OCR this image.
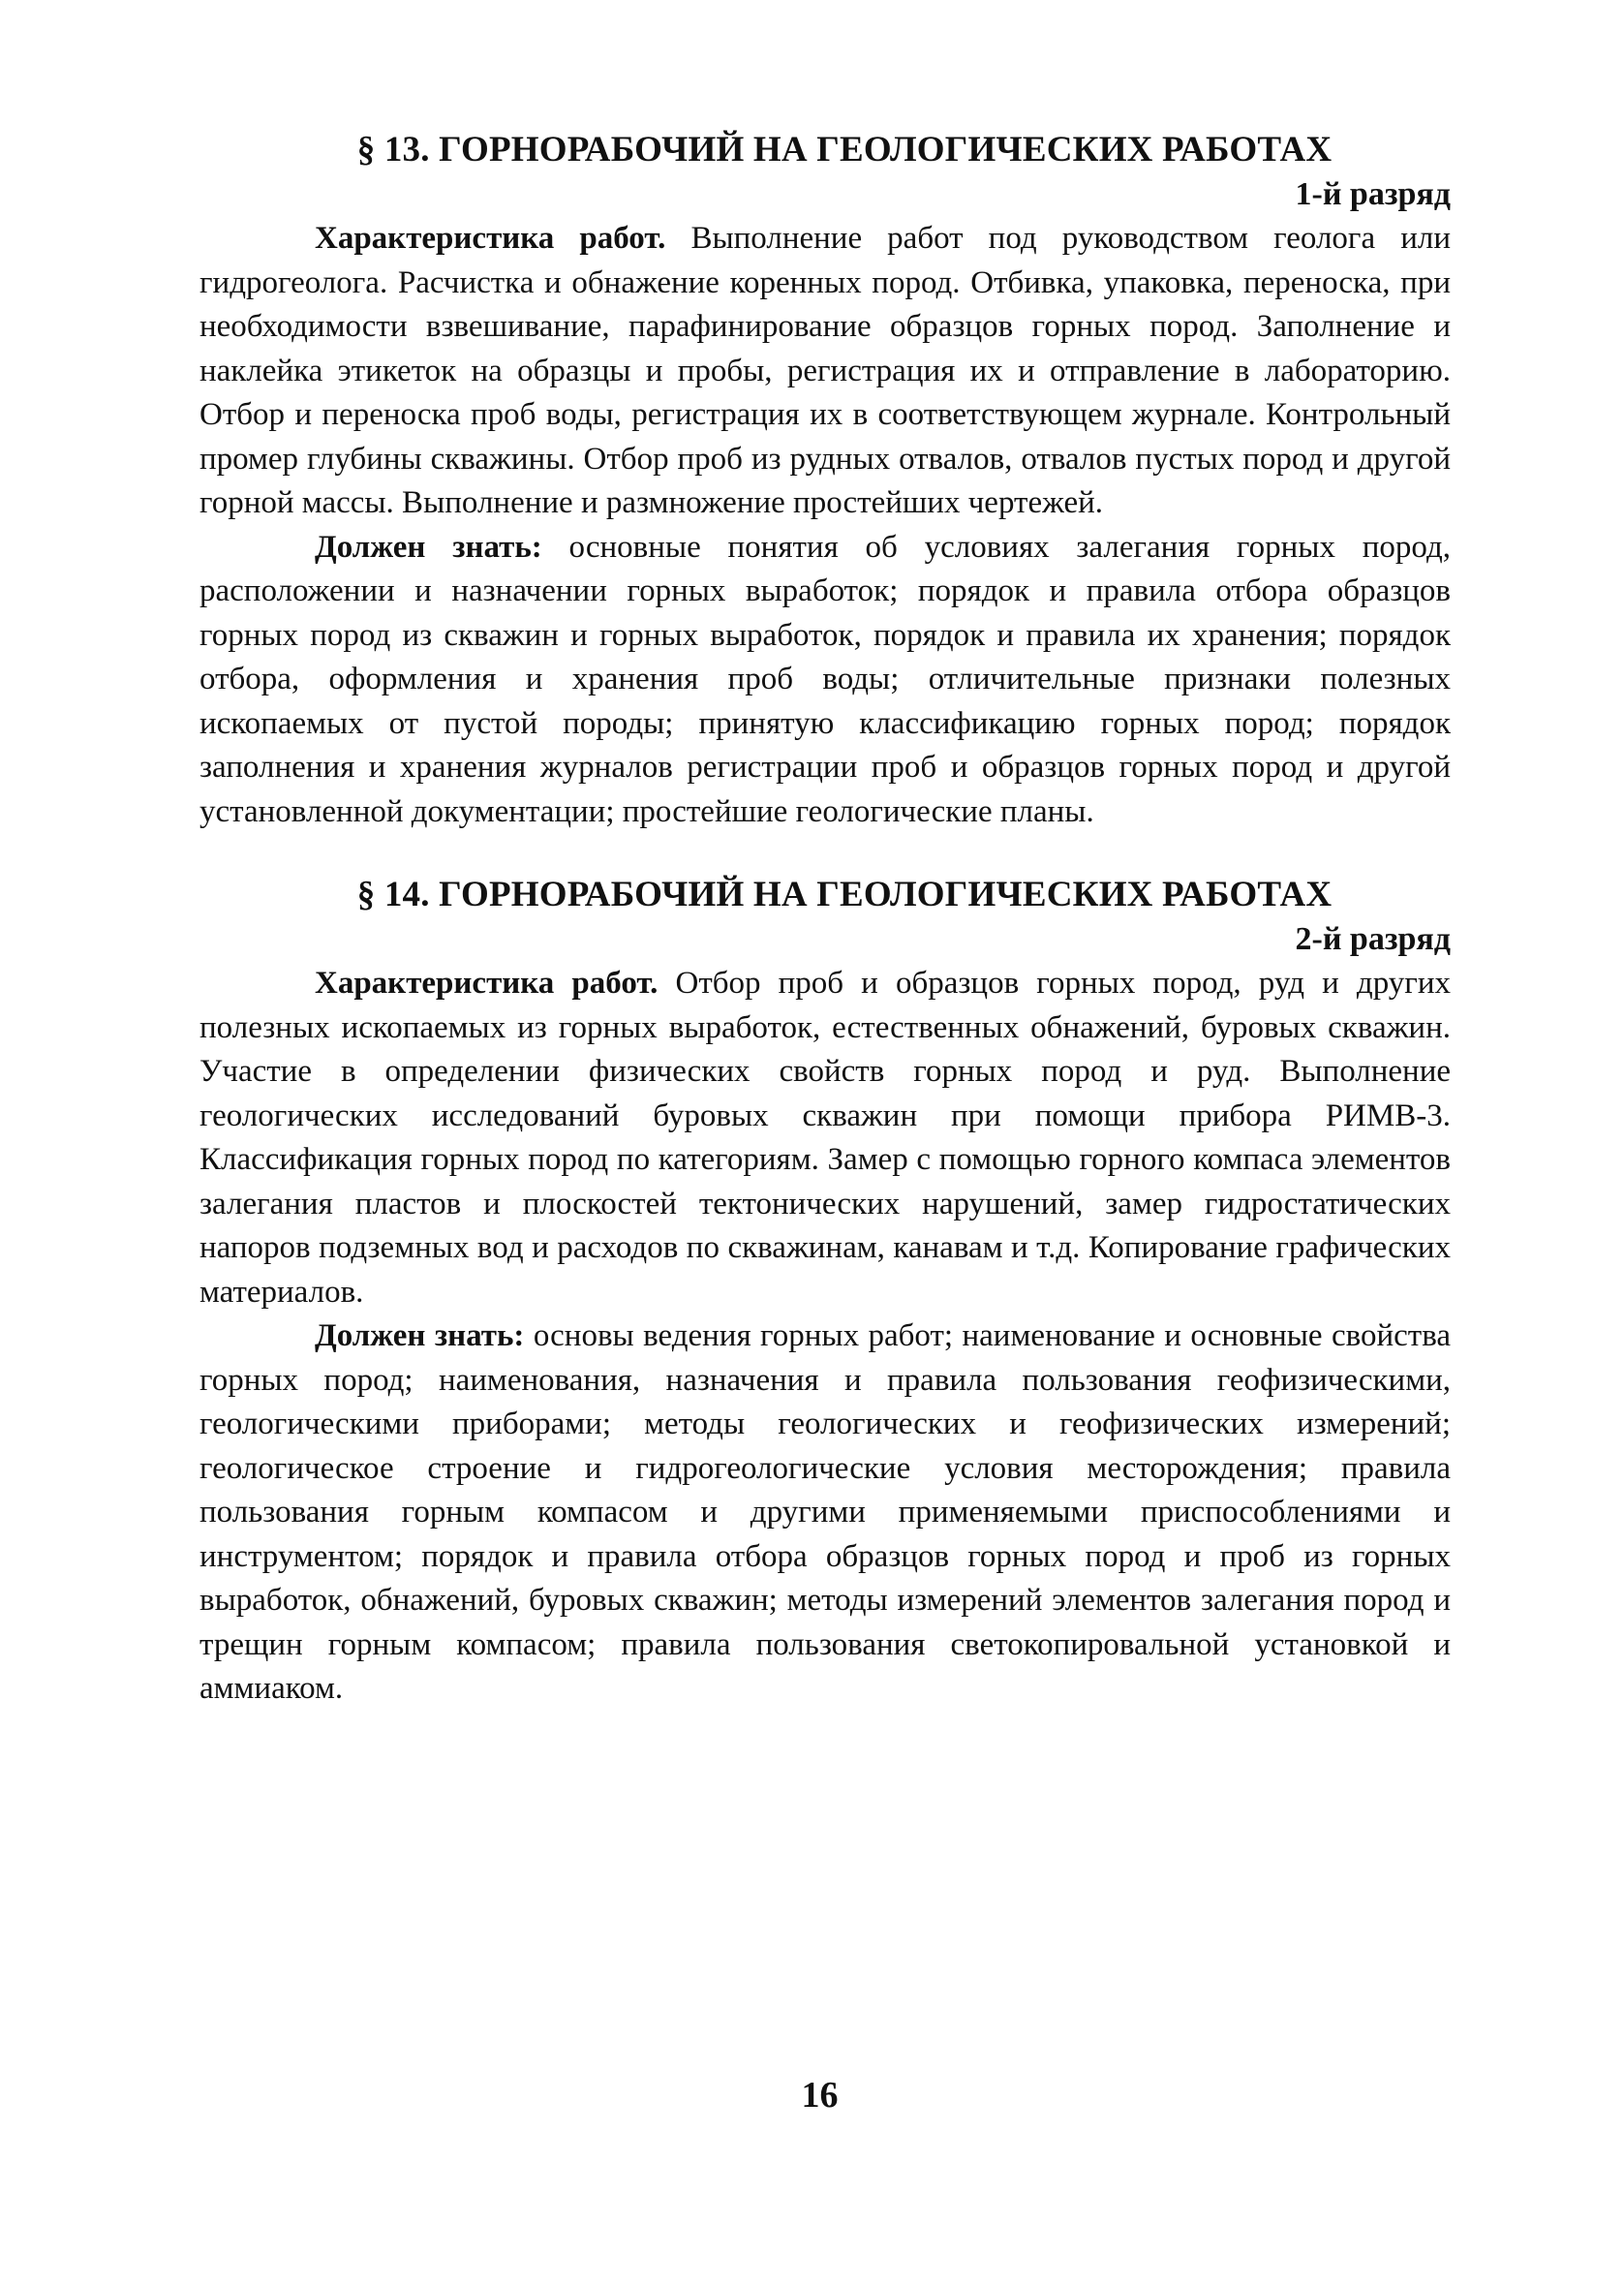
§ 13. ГОРНОРАБОЧИЙ НА ГЕОЛОГИЧЕСКИХ РАБОТАХ

1-й разряд

Характеристика работ. Выполнение работ под руководством геолога или гидрогеолога. Расчистка и обнажение коренных пород. Отбивка, упаковка, переноска, при необходимости взвешивание, парафинирование образцов горных пород. Заполнение и наклейка этикеток на образцы и пробы, регистрация их и отправление в лабораторию. Отбор и переноска проб воды, регистрация их в соответствующем журнале. Контрольный промер глубины скважины. Отбор проб из рудных отвалов, отвалов пустых пород и другой горной массы. Выполнение и размножение простейших чертежей.

Должен знать: основные понятия об условиях залегания горных пород, расположении и назначении горных выработок; порядок и правила отбора образцов горных пород из скважин и горных выработок, порядок и правила их хранения; порядок отбора, оформления и хранения проб воды; отличительные признаки полезных ископаемых от пустой породы; принятую классификацию горных пород; порядок заполнения и хранения журналов регистрации проб и образцов горных пород и другой установленной документации; простейшие геологические планы.

§ 14. ГОРНОРАБОЧИЙ НА ГЕОЛОГИЧЕСКИХ РАБОТАХ

2-й разряд

Характеристика работ. Отбор проб и образцов горных пород, руд и других полезных ископаемых из горных выработок, естественных обнажений, буровых скважин. Участие в определении физических свойств горных пород и руд. Выполнение геологических исследований буровых скважин при помощи прибора РИМВ-3. Классификация горных пород по категориям. Замер с помощью горного компаса элементов залегания пластов и плоскостей тектонических нарушений, замер гидростатических напоров подземных вод и расходов по скважинам, канавам и т.д. Копирование графических материалов.

Должен знать: основы ведения горных работ; наименование и основные свойства горных пород; наименования, назначения и правила пользования геофизическими, геологическими приборами; методы геологических и геофизических измерений; геологическое строение и гидрогеологические условия месторождения; правила пользования горным компасом и другими применяемыми приспособлениями и инструментом; порядок и правила отбора образцов горных пород и проб из горных выработок, обнажений, буровых скважин; методы измерений элементов залегания пород и трещин горным компасом; правила пользования светокопировальной установкой и аммиаком.

16
